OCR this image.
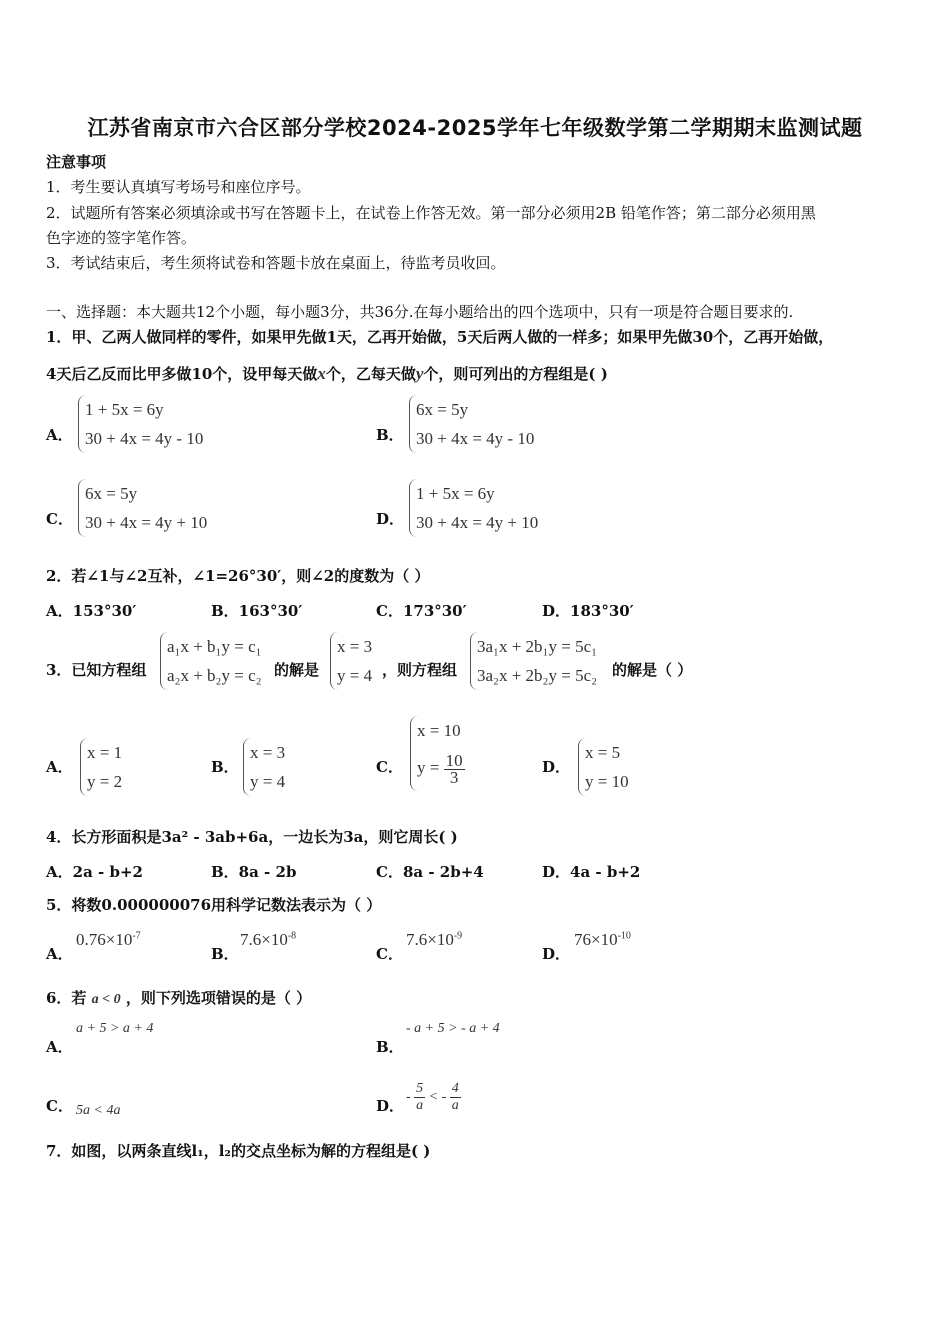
江苏省南京市六合区部分学校2024-2025学年七年级数学第二学期期末监测试题
注意事项
1．考生要认真填写考场号和座位序号。
2．试题所有答案必须填涂或书写在答题卡上，在试卷上作答无效。第一部分必须用2B 铅笔作答；第二部分必须用黑
色字迹的签字笔作答。
3．考试结束后，考生须将试卷和答题卡放在桌面上，待监考员收回。
一、选择题：本大题共12个小题，每小题3分，共36分.在每小题给出的四个选项中，只有一项是符合题目要求的.
1．甲、乙两人做同样的零件，如果甲先做1天，乙再开始做，5天后两人做的一样多；如果甲先做30个，乙再开始做，
4天后乙反而比甲多做10个，设甲每天做x个，乙每天做y个，则可列出的方程组是( )
A．
1 + 5x = 6y
30 + 4x = 4y - 10	B．
6x = 5y
30 + 4x = 4y - 10
C．
6x = 5y
30 + 4x = 4y + 10	D．
1 + 5x = 6y
30 + 4x = 4y + 10
2．若∠1与∠2互补，∠1=26°30′，则∠2的度数为（ ）
A．153°30′	B．163°30′	C．173°30′	D．183°30′
3．已知方程组
a₁x + b₁y = c₁
a₂x + b₂y = c₂ 的解是
x = 3
y = 4 ，则方程组
3a₁x + 2b₁y = 5c₁
3a₂x + 2b₂y = 5c₂ 的解是（ ）
A．
x = 1
y = 2
B．
x = 3
y = 4
C．
x = 10
$y = \frac{10}{3}$	D．
x = 5
y = 10
4．长方形面积是3a² - 3ab+6a，一边长为3a，则它周长( )
A．2a - b+2	B．8a - 2b	C．8a - 2b+4	D．4a - b+2
5．将数0.000000076用科学记数法表示为（ ）
A．
$0.76\times 10^{-7}$
B．
$7.6\times 10^{-8}$
C．
$7.6\times 10^{-9}$
D．
$76\times 10^{-10}$
6．若 a < 0 ，则下列选项错误的是（ ）
A．
a + 5 > a + 4
B．
- a + 5 > - a + 4
C． 5a < 4a	D． - $\frac{5}{a}$ < - $\frac{4}{a}$
7．如图，以两条直线l₁，l₂的交点坐标为解的方程组是( )
